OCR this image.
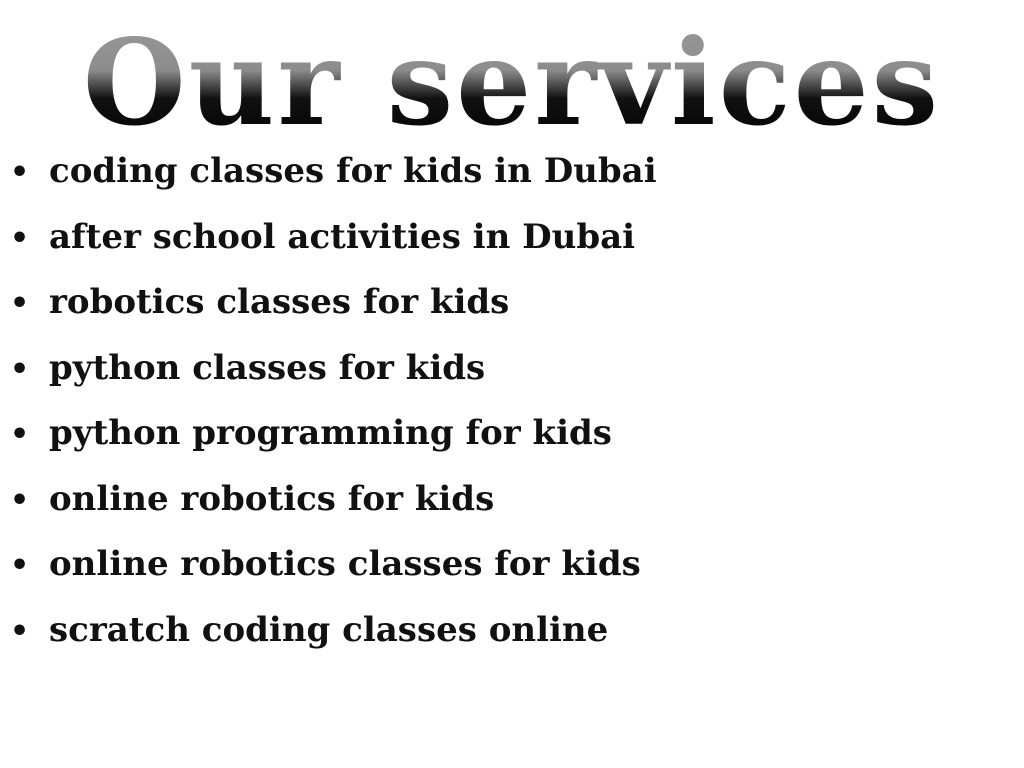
Our services
• coding classes for kids in Dubai
• after school activities in Dubai
• robotics classes for kids
• python classes for kids
• python programming for kids
• online robotics for kids
• online robotics classes for kids
• scratch coding classes online
